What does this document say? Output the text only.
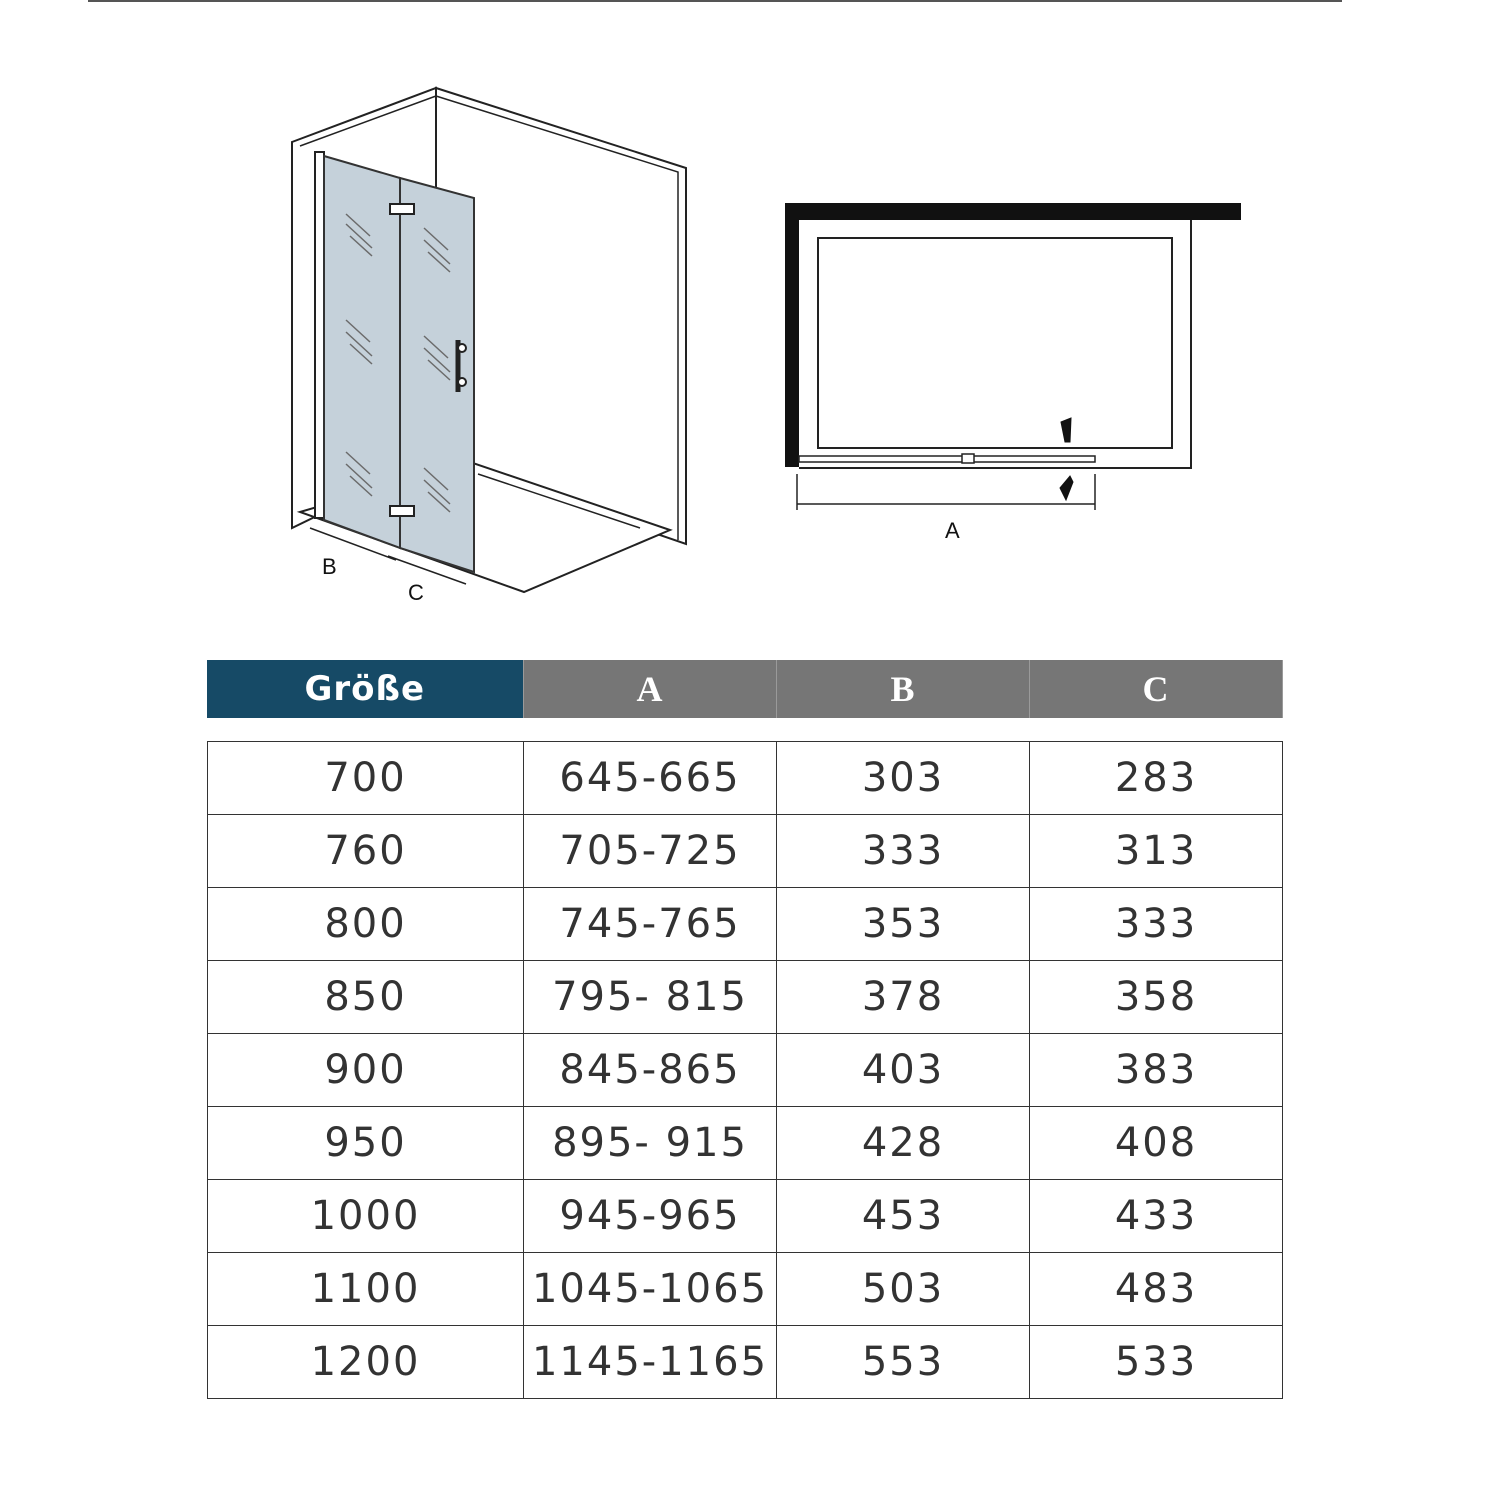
B
C
A
Größe	A	B	C
700	645-665	303	283
760	705-725	333	313
800	745-765	353	333
850	795- 815	378	358
900	845-865	403	383
950	895- 915	428	408
1000	945-965	453	433
1100	1045-1065	503	483
1200	1145-1165	553	533
